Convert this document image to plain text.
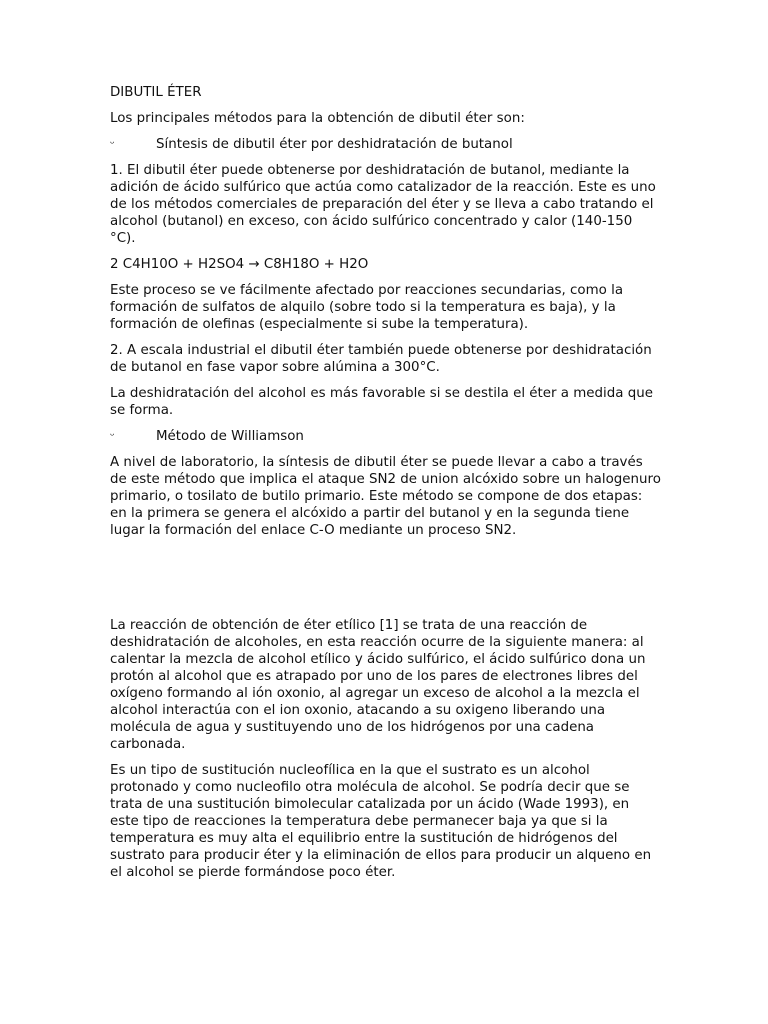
DIBUTIL ÉTER

Los principales métodos para la obtención de dibutil éter son:

ᵕ	Síntesis de dibutil éter por deshidratación de butanol

1. El dibutil éter puede obtenerse por deshidratación de butanol, mediante la adición de ácido sulfúrico que actúa como catalizador de la reacción. Este es uno de los métodos comerciales de preparación del éter y se lleva a cabo tratando el alcohol (butanol) en exceso, con ácido sulfúrico concentrado y calor (140-150 °C).

2 C4H10O + H2SO4 → C8H18O + H2O

Este proceso se ve fácilmente afectado por reacciones secundarias, como la formación de sulfatos de alquilo (sobre todo si la temperatura es baja), y la formación de olefinas (especialmente si sube la temperatura).

2. A escala industrial el dibutil éter también puede obtenerse por deshidratación de butanol en fase vapor sobre alúmina a 300°C.

La deshidratación del alcohol es más favorable si se destila el éter a medida que se forma.

ᵕ	Método de Williamson

A nivel de laboratorio, la síntesis de dibutil éter se puede llevar a cabo a través de este método que implica el ataque SN2 de union alcóxido sobre un halogenuro primario, o tosilato de butilo primario. Este método se compone de dos etapas: en la primera se genera el alcóxido a partir del butanol y en la segunda tiene lugar la formación del enlace C-O mediante un proceso SN2.

La reacción de obtención de éter etílico [1] se trata de una reacción de deshidratación de alcoholes, en esta reacción ocurre de la siguiente manera: al calentar la mezcla de alcohol etílico y ácido sulfúrico, el ácido sulfúrico dona un protón al alcohol que es atrapado por uno de los pares de electrones libres del oxígeno formando al ión oxonio, al agregar un exceso de alcohol a la mezcla el alcohol interactúa con el ion oxonio, atacando a su oxigeno liberando una molécula de agua y sustituyendo uno de los hidrógenos por una cadena carbonada.

Es un tipo de sustitución nucleofílica en la que el sustrato es un alcohol protonado y como nucleofilo otra molécula de alcohol. Se podría decir que se trata de una sustitución bimolecular catalizada por un ácido (Wade 1993), en este tipo de reacciones la temperatura debe permanecer baja ya que si la temperatura es muy alta el equilibrio entre la sustitución de hidrógenos del sustrato para producir éter y la eliminación de ellos para producir un alqueno en el alcohol se pierde formándose poco éter.
